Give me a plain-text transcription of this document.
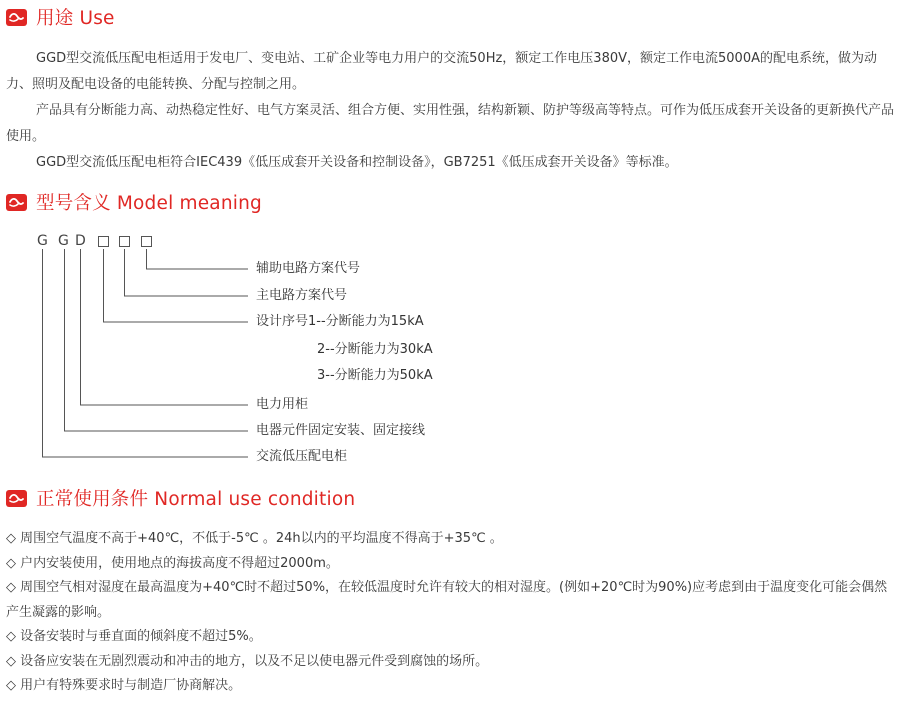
用途 Use

GGD型交流低压配电柜适用于发电厂、变电站、工矿企业等电力用户的交流50Hz，额定工作电压380V，额定工作电流5000A的配电系统，做为动力、照明及配电设备的电能转换、分配与控制之用。

产品具有分断能力高、动热稳定性好、电气方案灵活、组合方便、实用性强，结构新颖、防护等级高等特点。可作为低压成套开关设备的更新换代产品使用。

GGD型交流低压配电柜符合IEC439《低压成套开关设备和控制设备》，GB7251《低压成套开关设备》等标准。

型号含义 Model meaning
G G D
辅助电路方案代号
主电路方案代号
设计序号1--分断能力为15kA
2--分断能力为30kA
3--分断能力为50kA
电力用柜
电器元件固定安装、固定接线
交流低压配电柜
正常使用条件 Normal use condition
◇ 周围空气温度不高于+40℃，不低于-5℃ 。24h以内的平均温度不得高于+35℃ 。
◇ 户内安装使用，使用地点的海拔高度不得超过2000m。
◇ 周围空气相对湿度在最高温度为+40℃时不超过50%，在较低温度时允许有较大的相对湿度。(例如+20℃时为90%)应考虑到由于温度变化可能会偶然产生凝露的影响。
◇ 设备安装时与垂直面的倾斜度不超过5%。
◇ 设备应安装在无剧烈震动和冲击的地方，以及不足以使电器元件受到腐蚀的场所。
◇ 用户有特殊要求时与制造厂协商解决。
